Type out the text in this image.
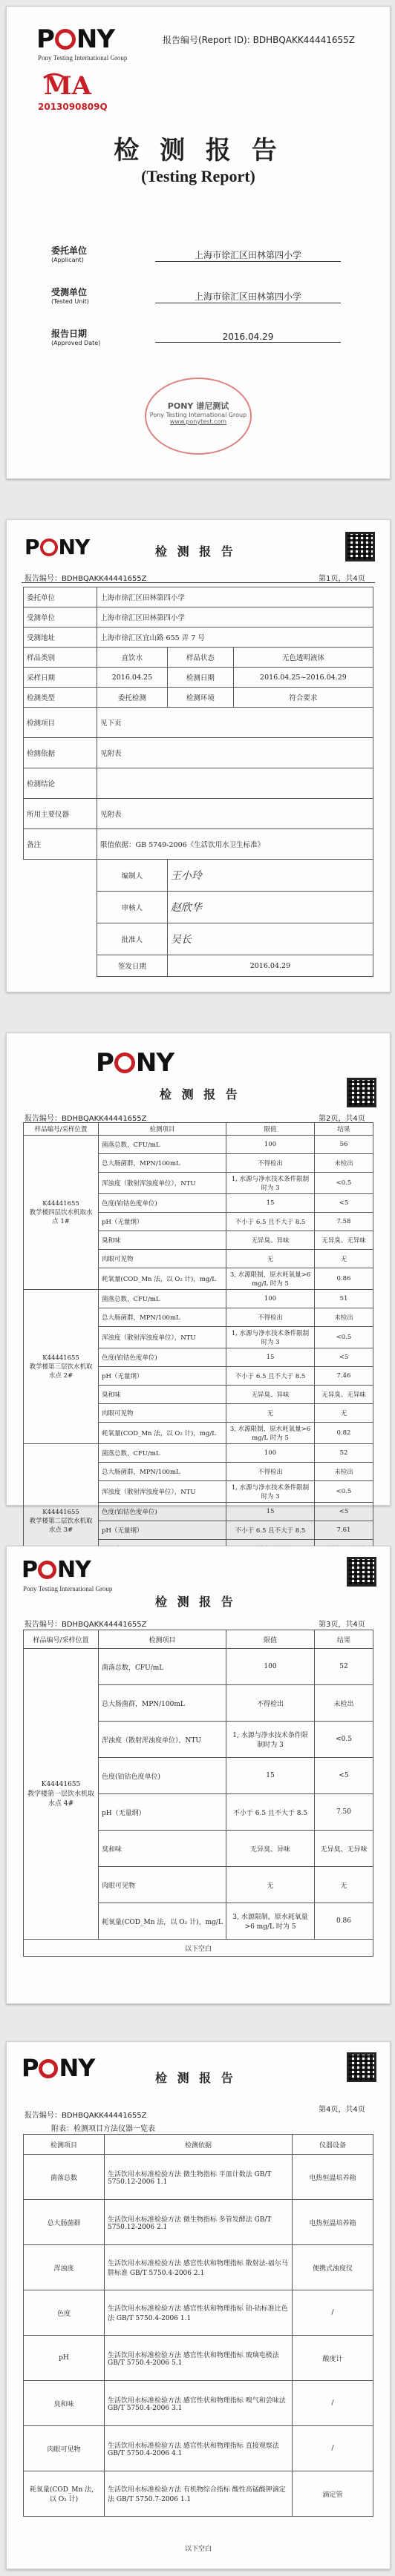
P NY
Pony Testing International Group
报告编号(Report ID): BDHBQAKK44441655Z
MA
2013090809Q
检 测 报 告
(Testing Report)
委托单位
(Applicant)	上海市徐汇区田林第四小学
受测单位
(Tested Unit)	上海市徐汇区田林第四小学
报告日期
(Approved Date)
2016.04.29
PONY 谱尼测试
Pony Testing International Group
www.ponytest.com
P NY	检 测 报 告
报告编号：BDHBQAKK44441655Z	第1页，共4页
委托单位	上海市徐汇区田林第四小学		
受测单位	上海市徐汇区田林第四小学		
受测地址	上海市徐汇区宜山路 655 弄 7 号		
样品类别	直饮水	样品状态	无色透明液体
采样日期	2016.04.25	检测日期	2016.04.25~2016.04.29
检测类型	委托检测	检测环境	符合要求
检测项目	见下页		
检测依据	见附表		
检测结论			
所用主要仪器	见附表		
备注	限值依据：GB 5749-2006《生活饮用水卫生标准》		
	编制人	王小玲	
	审核人	赵欣华	
	批准人	吴长	
	签发日期	2016.04.29	
P NY
检 测 报 告
报告编号：BDHBQAKK44441655Z	第2页，共4页
样品编号/采样位置	检测项目	限值	结果
K44441655
教学楼四层饮水机取水点 1#	菌落总数，CFU/mL	100	56
	总大肠菌群，MPN/100mL	不得检出	未检出
	浑浊度（散射浑浊度单位），NTU	1, 水源与净水技术条件限制时为 3	<0.5
	色度(铂钴色度单位)	15	<5
	pH（无量纲）	不小于 6.5 且不大于 8.5	7.58
	臭和味	无异臭、异味	无异臭、无异味
	肉眼可见物	无	无
	耗氧量(COD_Mn 法，以 O₂ 计)，mg/L	3, 水源限制，原水耗氧量>6 mg/L 时为 5	0.86
K44441655
教学楼第三层饮水机取水点 2#	菌落总数，CFU/mL	100	51
	总大肠菌群，MPN/100mL	不得检出	未检出
	浑浊度（散射浑浊度单位），NTU	1, 水源与净水技术条件限制时为 3	<0.5
	色度(铂钴色度单位)	15	<5
	pH（无量纲）	不小于 6.5 且不大于 8.5	7.46
	臭和味	无异臭、异味	无异臭、无异味
	肉眼可见物	无	无
	耗氧量(COD_Mn 法，以 O₂ 计)，mg/L	3, 水源限制，原水耗氧量>6 mg/L 时为 5	0.82
K44441655
教学楼第二层饮水机取水点 3#	菌落总数，CFU/mL	100	52
	总大肠菌群，MPN/100mL	不得检出	未检出
	浑浊度（散射浑浊度单位），NTU	1, 水源与净水技术条件限制时为 3	<0.5
	色度(铂钴色度单位)	15	<5
	pH（无量纲）	不小于 6.5 且不大于 8.5	7.61

P NY
Pony Testing International Group
检 测 报 告
报告编号：BDHBQAKK44441655Z	第3页，共4页
样品编号/采样位置	检测项目	限值	结果
K44441655
教学楼第一层饮水机取水点 4#	菌落总数，CFU/mL	100	52
	总大肠菌群，MPN/100mL	不得检出	未检出
	浑浊度（散射浑浊度单位），NTU	1, 水源与净水技术条件限制时为 3	<0.5
	色度(铂钴色度单位)	15	<5
	pH（无量纲）	不小于 6.5 且不大于 8.5	7.50
	臭和味	无异臭、异味	无异臭、无异味
	肉眼可见物	无	无
	耗氧量(COD_Mn 法，以 O₂ 计)，mg/L	3, 水源限制，原水耗氧量>6 mg/L 时为 5	0.86
以下空白			
P NY	检 测 报 告
报告编号：BDHBQAKK44441655Z
第4页，共4页
附表：检测项目方法仪器一览表
检测项目	检测依据	仪器设备
菌落总数	生活饮用水标准检验方法 微生物指标 平皿计数法 GB/T 5750.12-2006 1.1	电热恒温培养箱
总大肠菌群	生活饮用水标准检验方法 微生物指标 多管发酵法 GB/T 5750.12-2006 2.1	电热恒温培养箱
浑浊度	生活饮用水标准检验方法 感官性状和物理指标 散射法-福尔马肼标准 GB/T 5750.4-2006 2.1	便携式浊度仪
色度	生活饮用水标准检验方法 感官性状和物理指标 铂-钴标准比色法 GB/T 5750.4-2006 1.1	/
pH	生活饮用水标准检验方法 感官性状和物理指标 玻璃电极法 GB/T 5750.4-2006 5.1	酸度计
臭和味	生活饮用水标准检验方法 感官性状和物理指标 嗅气和尝味法 GB/T 5750.4-2006 3.1	/
肉眼可见物	生活饮用水标准检验方法 感官性状和物理指标 直接观察法 GB/T 5750.4-2006 4.1	/
耗氧量(COD_Mn 法，以 O₂ 计)	生活饮用水标准检验方法 有机物综合指标 酸性高锰酸钾滴定法 GB/T 5750.7-2006 1.1	滴定管
以下空白
